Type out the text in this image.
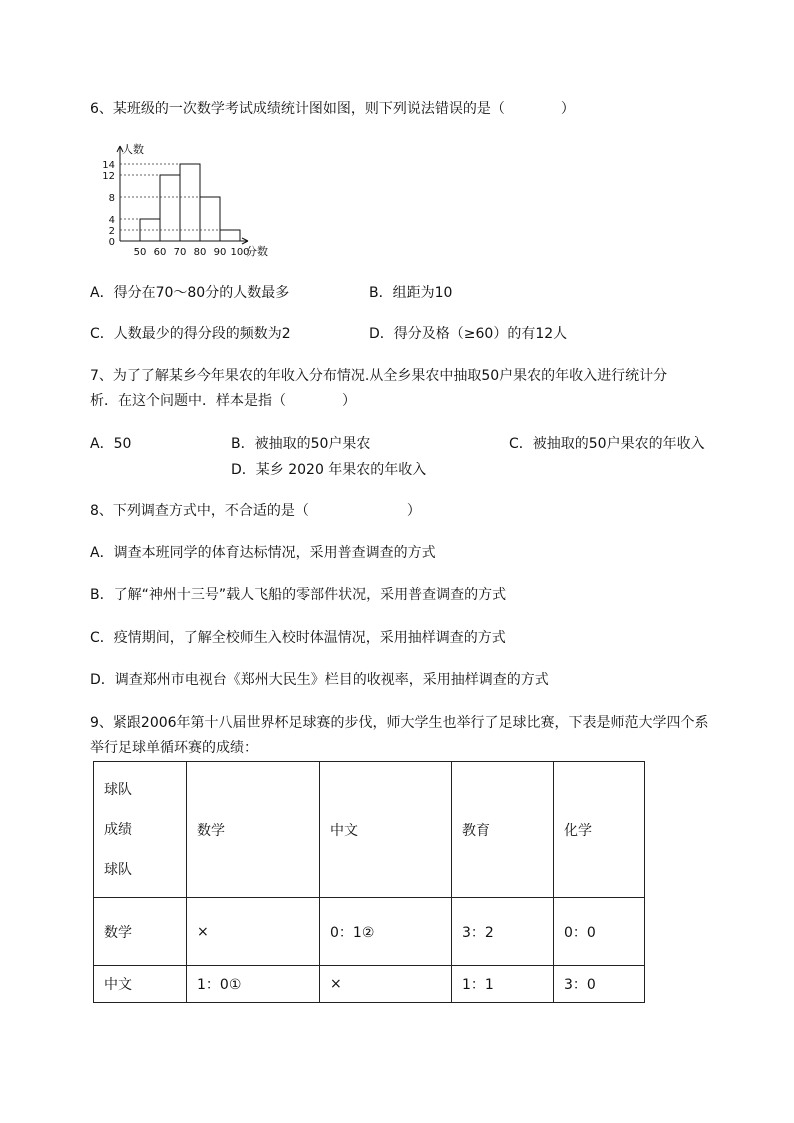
6、某班级的一次数学考试成绩统计图如图，则下列说法错误的是（　　　　）
人数
分数
0
2
4
8
12
14
50 60 70 80 90 100
A．得分在70～80分的人数最多	B．组距为10
C．人数最少的得分段的频数为2	D．得分及格（≥60）的有12人
7、为了了解某乡今年果农的年收入分布情况.从全乡果农中抽取50户果农的年收入进行统计分
析．在这个问题中．样本是指（　　　　）
A．50	B．被抽取的50户果农	C．被抽取的50户果农的年收入
D．某乡 2020 年果农的年收入
8、下列调查方式中，不合适的是（　　　　　　　）
A．调查本班同学的体育达标情况，采用普查调查的方式
B．了解“神州十三号”载人飞船的零部件状况，采用普查调查的方式
C．疫情期间，了解全校师生入校时体温情况，采用抽样调查的方式
D．调查郑州市电视台《郑州大民生》栏目的收视率，采用抽样调查的方式
9、紧跟2006年第十八届世界杯足球赛的步伐，师大学生也举行了足球比赛，下表是师范大学四个系
举行足球单循环赛的成绩：
球队
成绩
球队	数学	中文	教育	化学
数学	×	0：1②	3：2	0：0
中文	1：0①	×	1：1	3：0
